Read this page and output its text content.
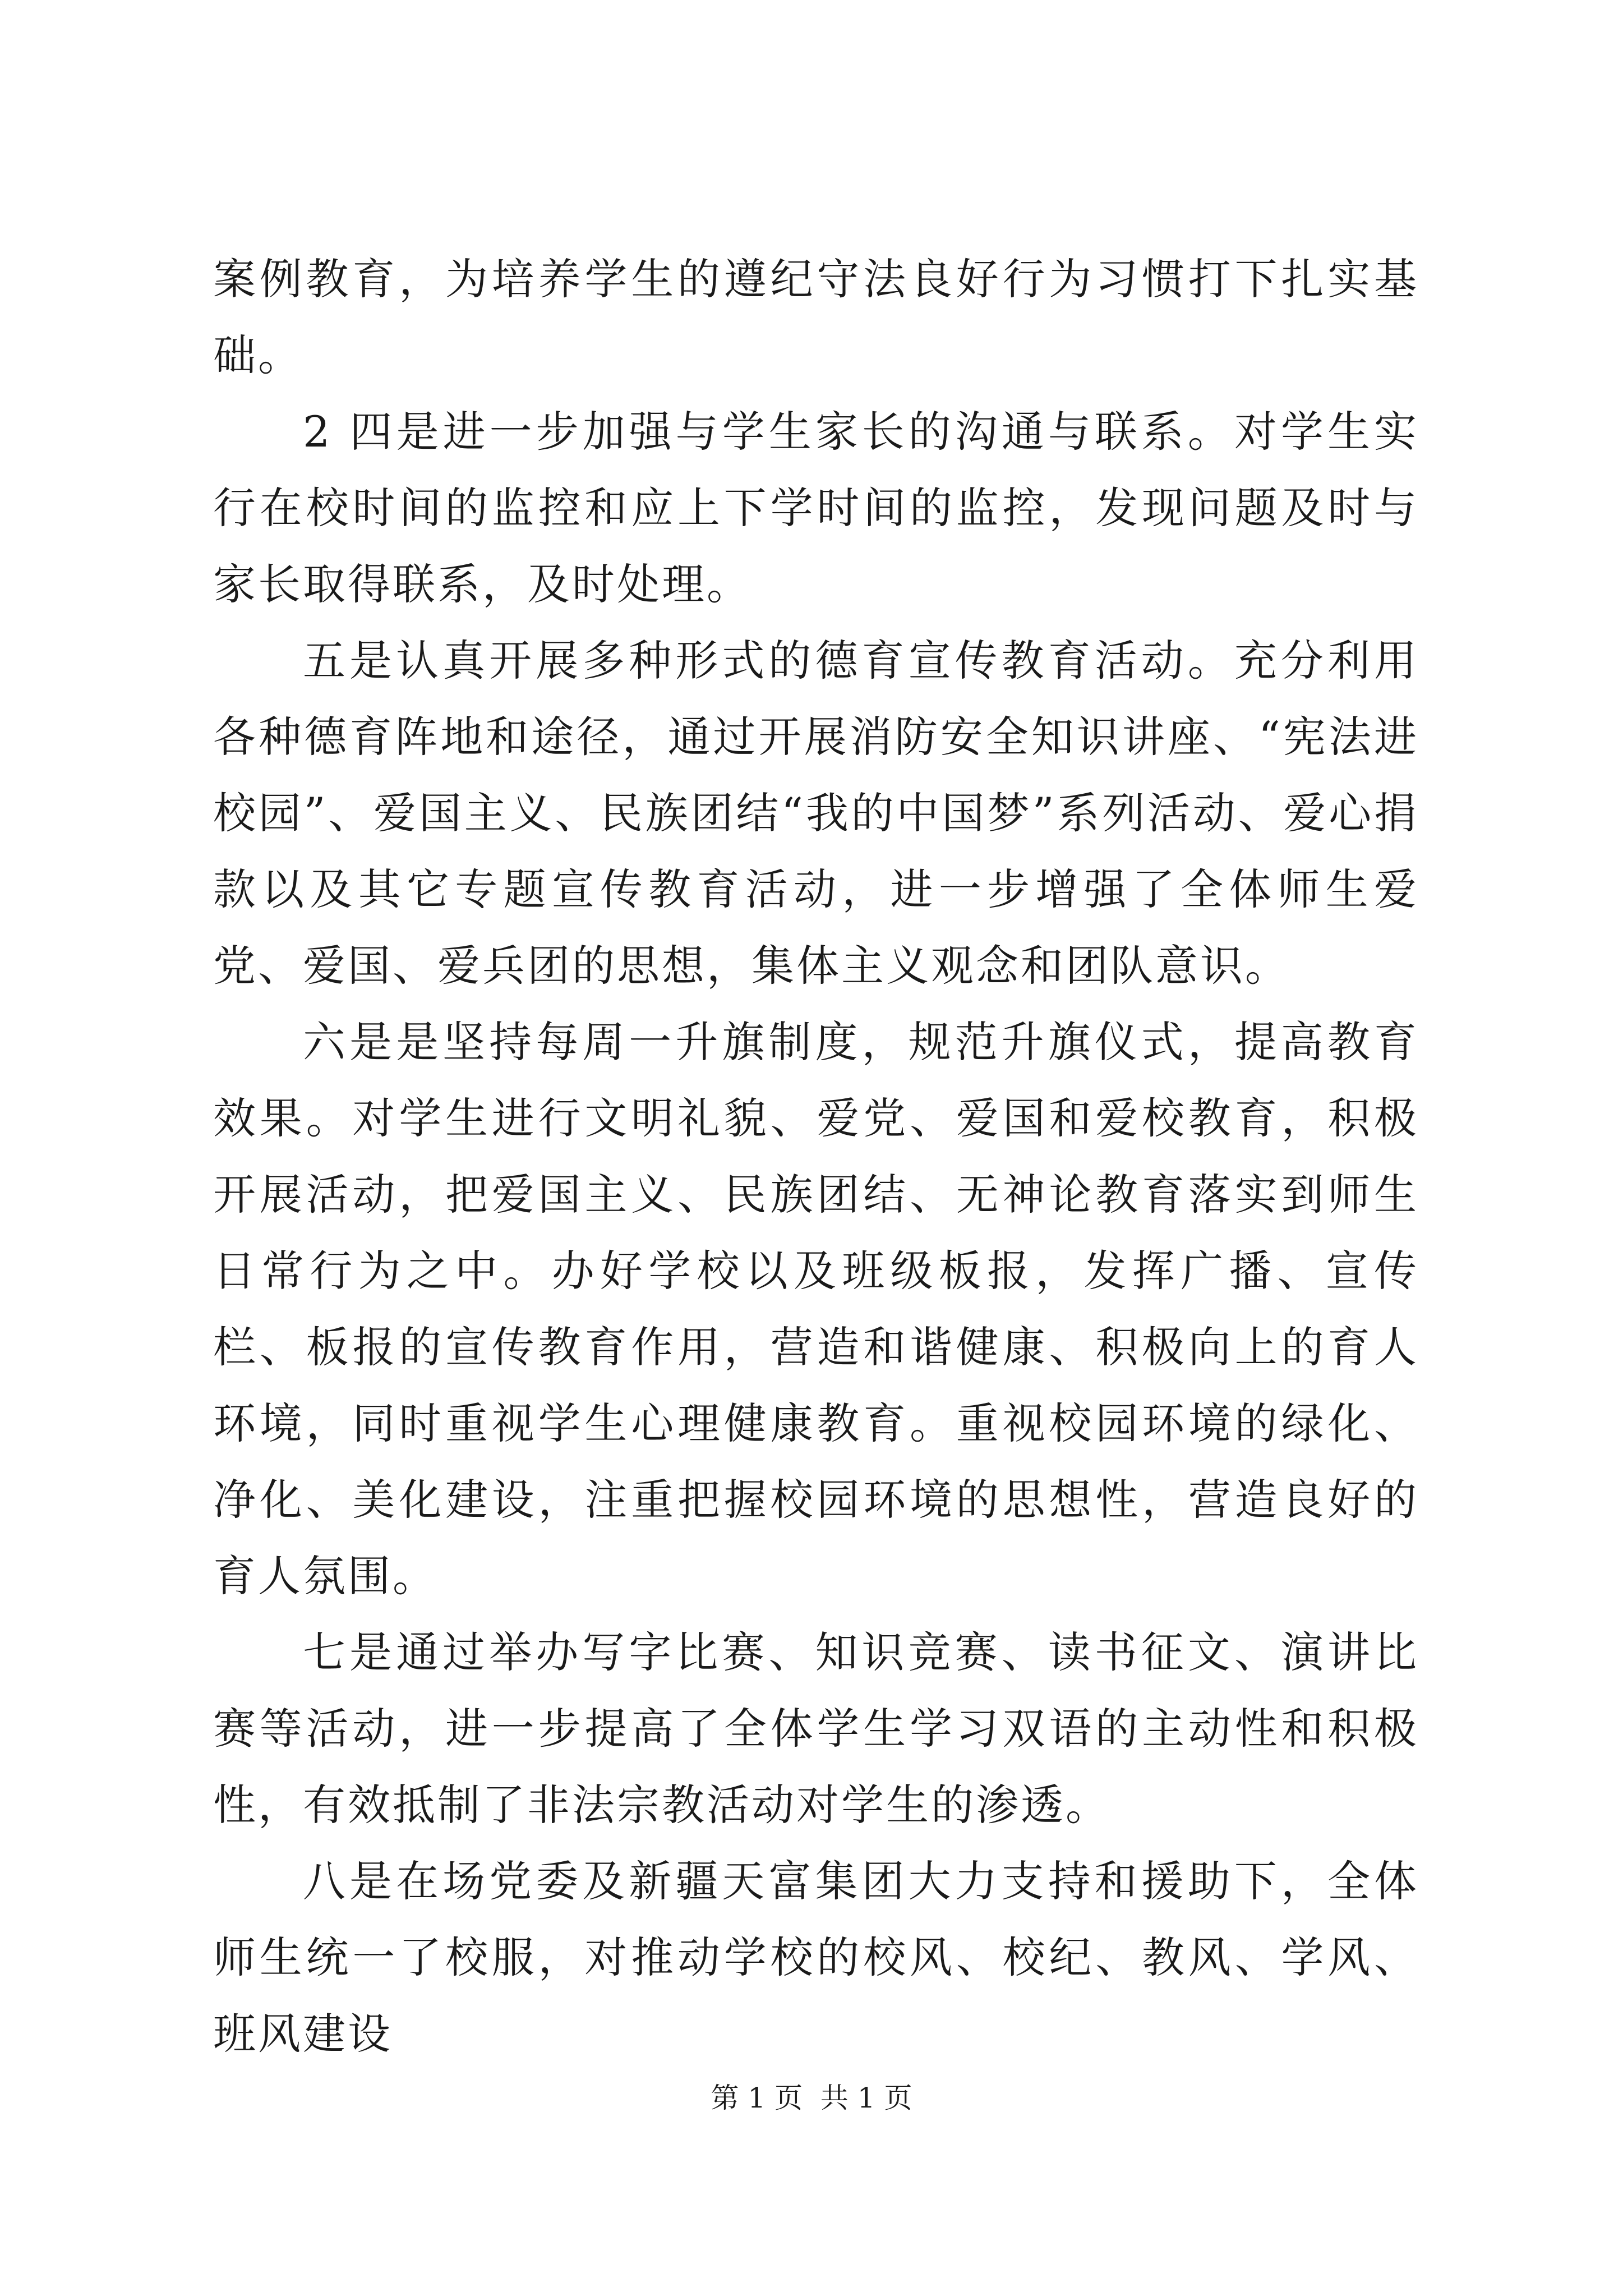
案例教育，为培养学生的遵纪守法良好行为习惯打下扎实基础。

2 四是进一步加强与学生家长的沟通与联系。对学生实行在校时间的监控和应上下学时间的监控，发现问题及时与家长取得联系，及时处理。

五是认真开展多种形式的德育宣传教育活动。充分利用各种德育阵地和途径，通过开展消防安全知识讲座、“宪法进校园”、爱国主义、民族团结“我的中国梦”系列活动、爱心捐款以及其它专题宣传教育活动，进一步增强了全体师生爱党、爱国、爱兵团的思想，集体主义观念和团队意识。

六是是坚持每周一升旗制度，规范升旗仪式，提高教育效果。对学生进行文明礼貌、爱党、爱国和爱校教育，积极开展活动，把爱国主义、民族团结、无神论教育落实到师生日常行为之中。办好学校以及班级板报，发挥广播、宣传栏、板报的宣传教育作用，营造和谐健康、积极向上的育人环境，同时重视学生心理健康教育。重视校园环境的绿化、净化、美化建设，注重把握校园环境的思想性，营造良好的育人氛围。

七是通过举办写字比赛、知识竞赛、读书征文、演讲比赛等活动，进一步提高了全体学生学习双语的主动性和积极性，有效抵制了非法宗教活动对学生的渗透。

八是在场党委及新疆天富集团大力支持和援助下，全体师生统一了校服，对推动学校的校风、校纪、教风、学风、班风建设

第 1 页  共 1 页
